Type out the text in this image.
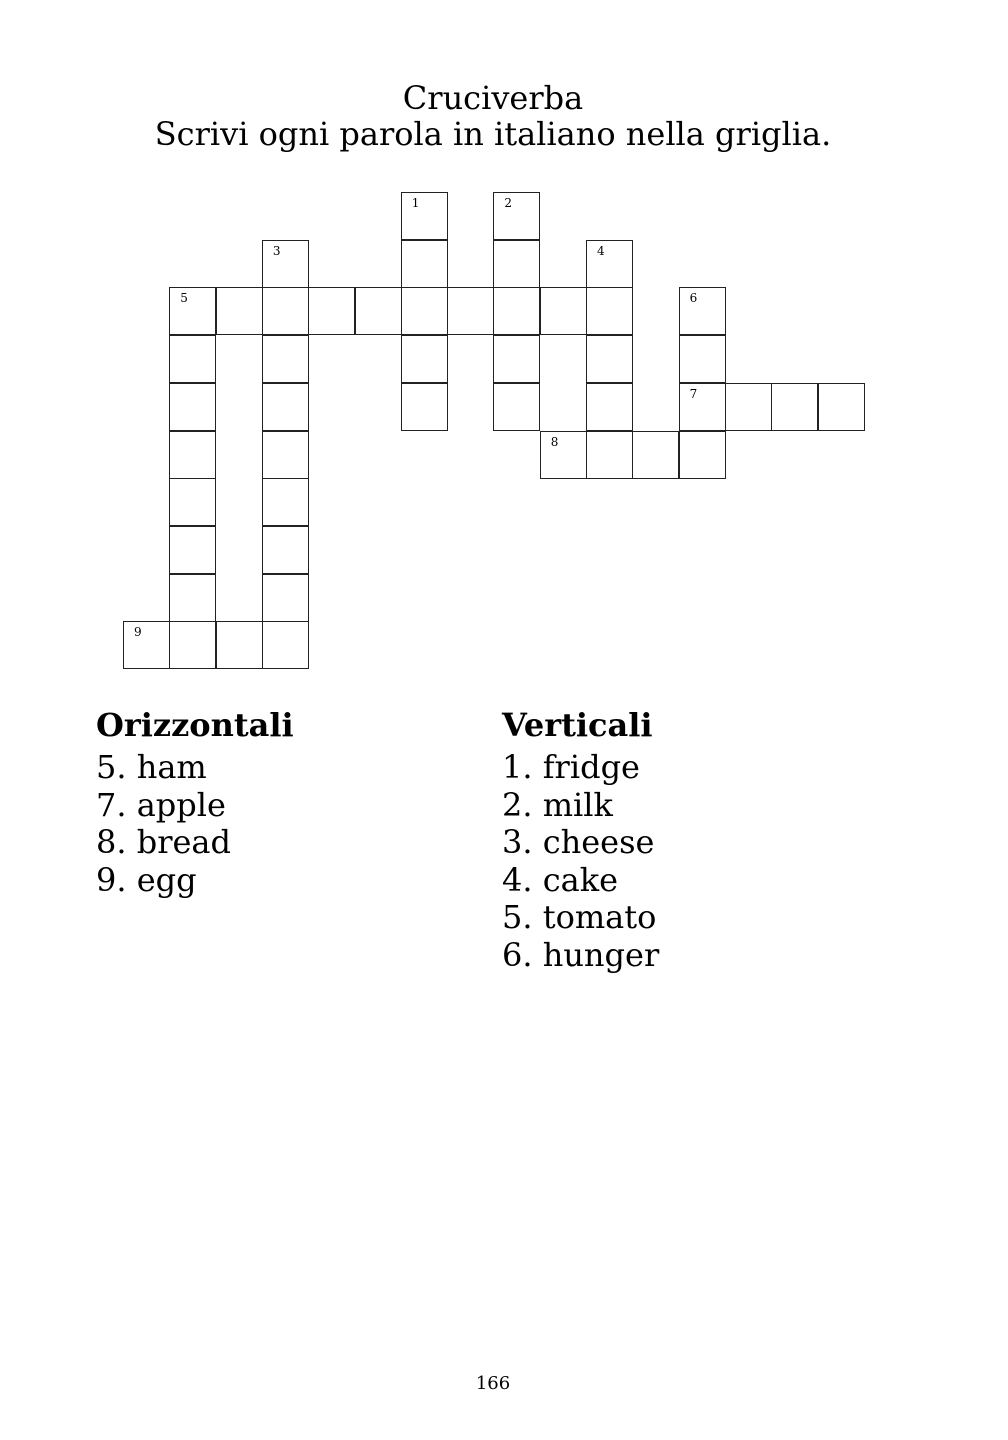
Cruciverba
Scrivi ogni parola in italiano nella griglia.
1	2
3	4
5	6
7
8
9
Orizzontali
5. ham
7. apple
8. bread
9. egg
Verticali
1. fridge
2. milk
3. cheese
4. cake
5. tomato
6. hunger
166
